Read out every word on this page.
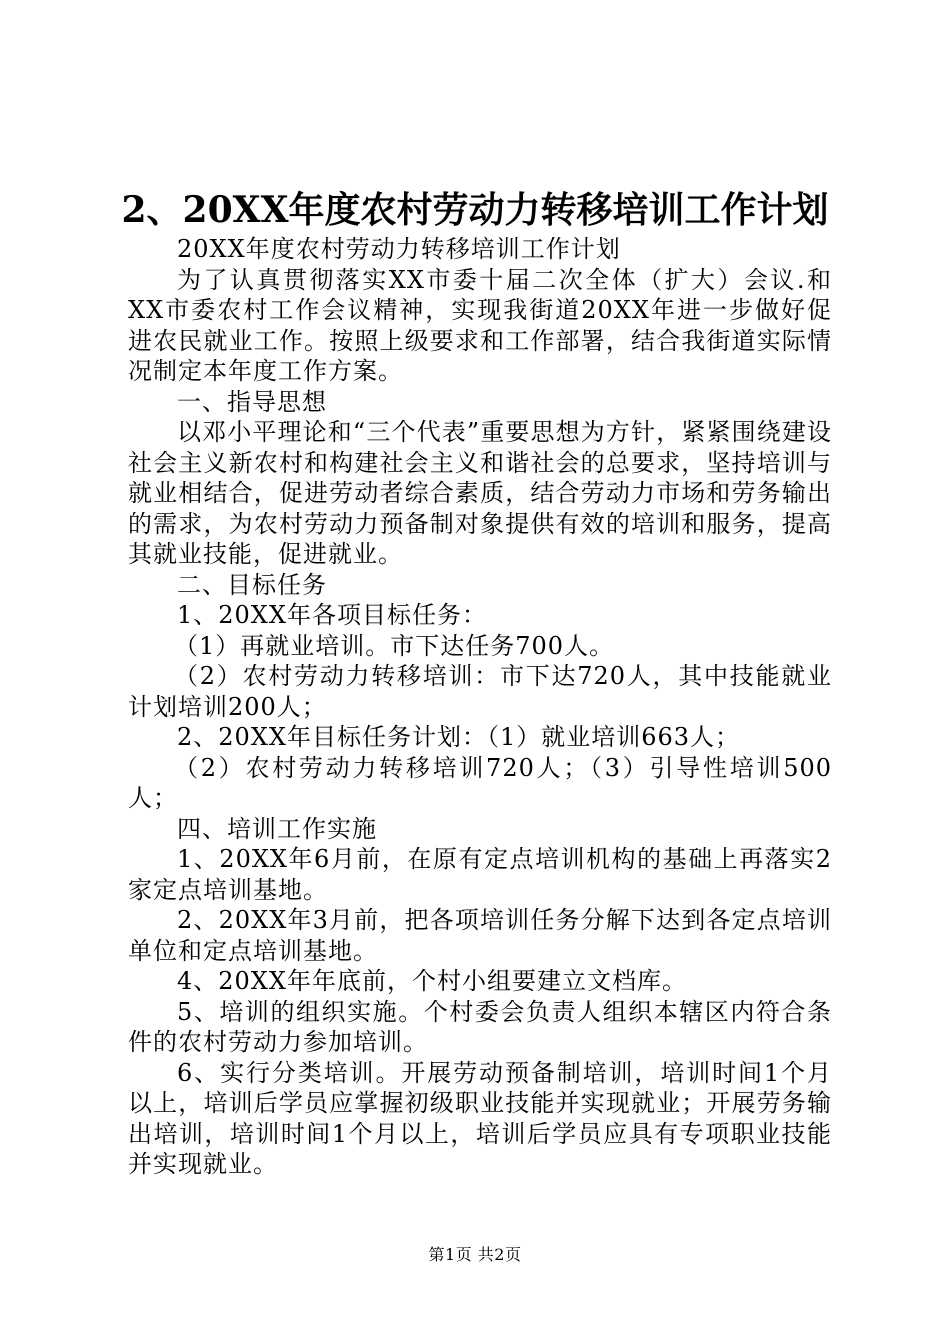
2、20XX年度农村劳动力转移培训工作计划

20XX年度农村劳动力转移培训工作计划

为了认真贯彻落实XX市委十届二次全体（扩大）会议.和XX市委农村工作会议精神，实现我街道20XX年进一步做好促进农民就业工作。按照上级要求和工作部署，结合我街道实际情况制定本年度工作方案。

一、指导思想

以邓小平理论和“三个代表”重要思想为方针，紧紧围绕建设社会主义新农村和构建社会主义和谐社会的总要求，坚持培训与就业相结合，促进劳动者综合素质，结合劳动力市场和劳务输出的需求，为农村劳动力预备制对象提供有效的培训和服务，提高其就业技能，促进就业。

二、目标任务

1、20XX年各项目标任务：

（1）再就业培训。市下达任务700人。

（2）农村劳动力转移培训：市下达720人，其中技能就业计划培训200人；

2、20XX年目标任务计划：（1）就业培训663人；

（2）农村劳动力转移培训720人；（3）引导性培训500人；

四、培训工作实施

1、20XX年6月前，在原有定点培训机构的基础上再落实2家定点培训基地。

2、20XX年3月前，把各项培训任务分解下达到各定点培训单位和定点培训基地。

4、20XX年年底前，个村小组要建立文档库。

5、培训的组织实施。个村委会负责人组织本辖区内符合条件的农村劳动力参加培训。

6、实行分类培训。开展劳动预备制培训，培训时间1个月以上，培训后学员应掌握初级职业技能并实现就业；开展劳务输出培训，培训时间1个月以上，培训后学员应具有专项职业技能并实现就业。

第1页 共2页
